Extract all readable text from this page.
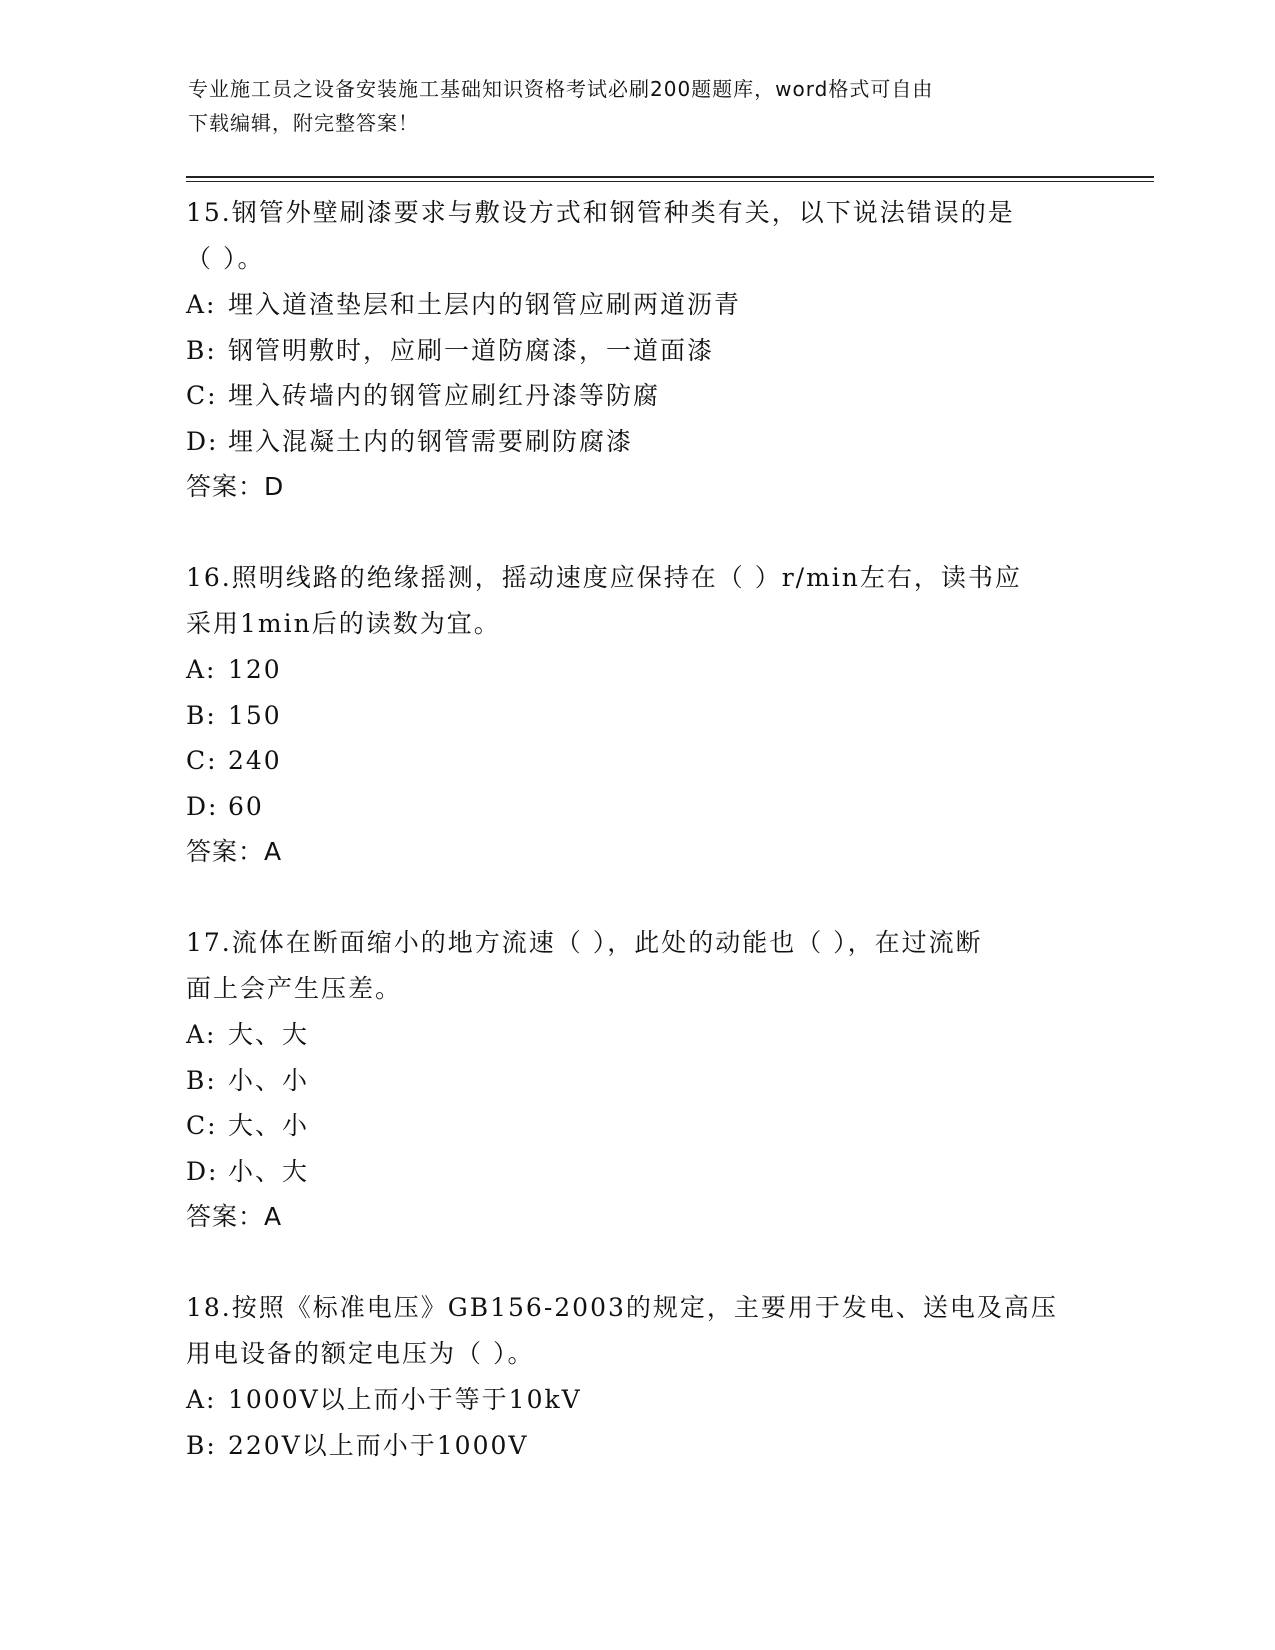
专业施工员之设备安装施工基础知识资格考试必刷200题题库，word格式可自由
下载编辑，附完整答案！

15.钢管外壁刷漆要求与敷设方式和钢管种类有关，以下说法错误的是
（ ）。

A: 埋入道渣垫层和土层内的钢管应刷两道沥青

B: 钢管明敷时，应刷一道防腐漆，一道面漆

C: 埋入砖墙内的钢管应刷红丹漆等防腐

D: 埋入混凝土内的钢管需要刷防腐漆

答案：D

16.照明线路的绝缘摇测，摇动速度应保持在（ ）r/min左右，读书应
采用1min后的读数为宜。

A: 120

B: 150

C: 240

D: 60

答案：A

17.流体在断面缩小的地方流速（ ），此处的动能也（ ），在过流断
面上会产生压差。

A: 大、大

B: 小、小

C: 大、小

D: 小、大

答案：A

18.按照《标准电压》GB156-2003的规定，主要用于发电、送电及高压
用电设备的额定电压为（ ）。

A: 1000V以上而小于等于10kV

B: 220V以上而小于1000V
